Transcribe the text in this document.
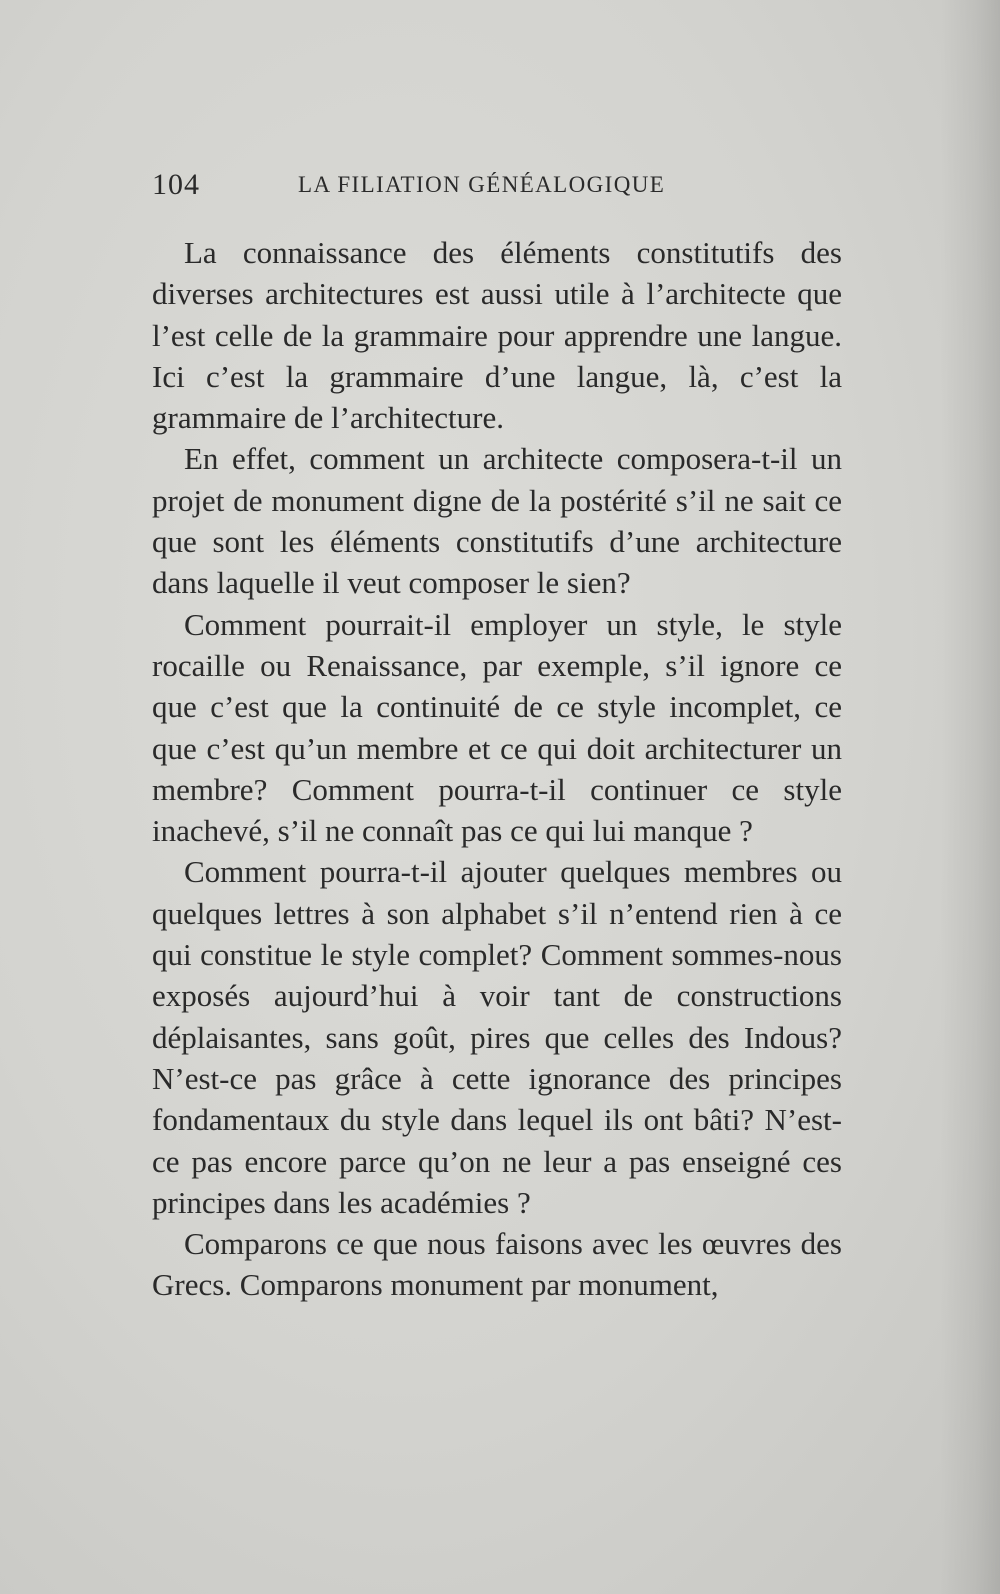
104	LA FILIATION GÉNÉALOGIQUE

La connaissance des éléments constitutifs des diverses architectures est aussi utile à l’architecte que l’est celle de la grammaire pour apprendre une langue. Ici c’est la grammaire d’une langue, là, c’est la grammaire de l’architecture.

En effet, comment un architecte composera-t-il un projet de monument digne de la postérité s’il ne sait ce que sont les éléments constitutifs d’une architecture dans laquelle il veut composer le sien?

Comment pourrait-il employer un style, le style rocaille ou Renaissance, par exemple, s’il ignore ce que c’est que la continuité de ce style incomplet, ce que c’est qu’un membre et ce qui doit architecturer un membre? Comment pourra-t-il continuer ce style inachevé, s’il ne connaît pas ce qui lui manque ?

Comment pourra-t-il ajouter quelques membres ou quelques lettres à son alphabet s’il n’entend rien à ce qui constitue le style complet? Comment sommes-nous exposés aujourd’hui à voir tant de constructions déplaisantes, sans goût, pires que celles des Indous? N’est-ce pas grâce à cette ignorance des principes fondamentaux du style dans lequel ils ont bâti? N’est-ce pas encore parce qu’on ne leur a pas enseigné ces principes dans les académies ?

Comparons ce que nous faisons avec les œuvres des Grecs. Comparons monument par monument,
